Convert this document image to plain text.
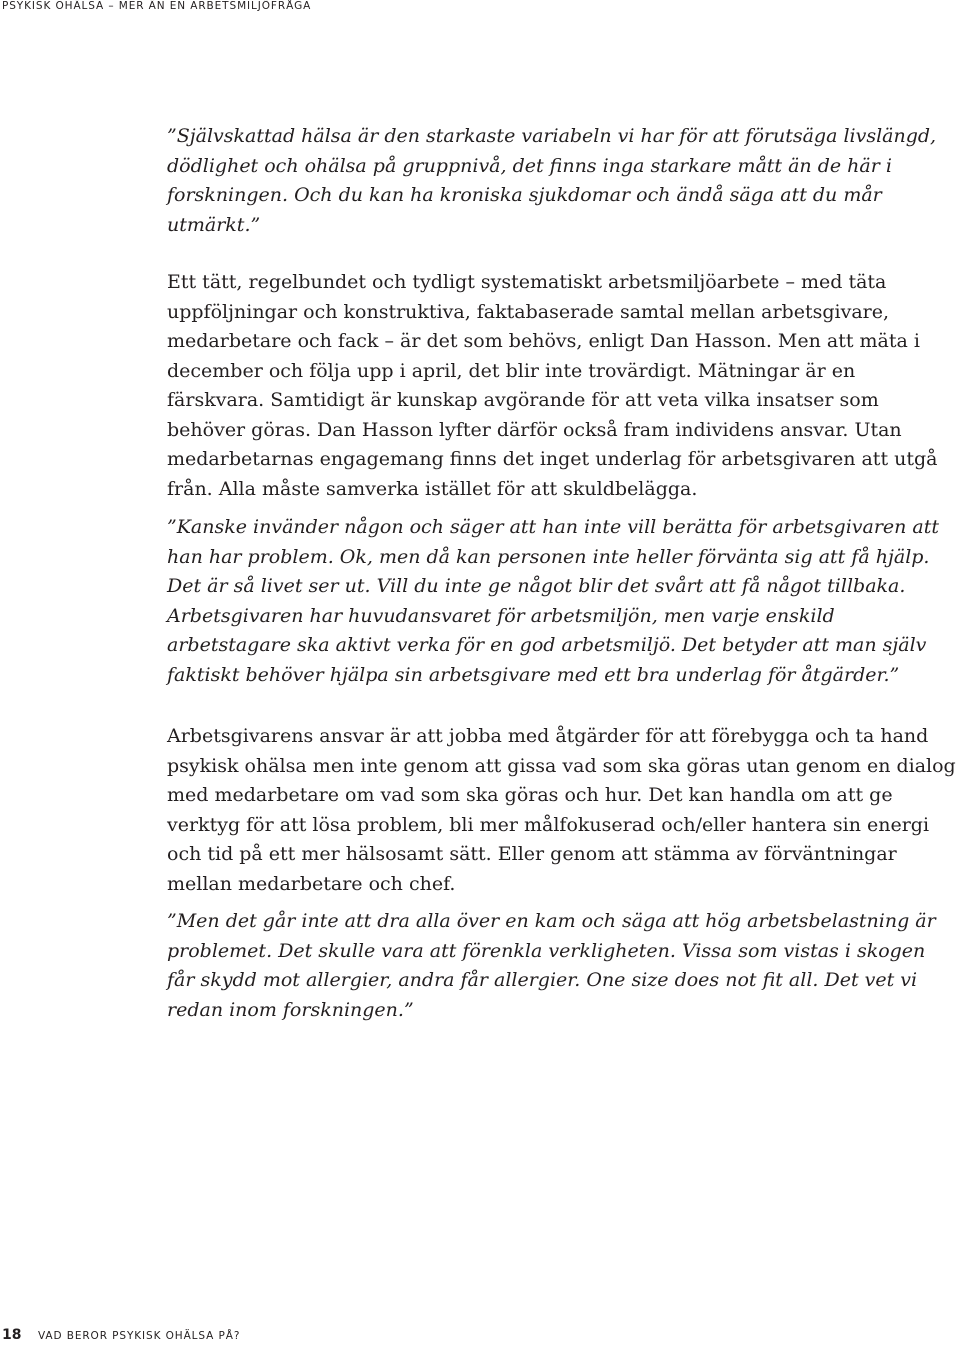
PSYKISK OHÄLSA – MER ÄN EN ARBETSMILJÖFRÅGA

”Självskattad hälsa är den starkaste variabeln vi har för att förutsäga livslängd, dödlighet och ohälsa på gruppnivå, det finns inga starkare mått än de här i forskningen. Och du kan ha kroniska sjukdomar och ändå säga att du mår utmärkt.”

Ett tätt, regelbundet och tydligt systematiskt arbetsmiljöarbete – med täta uppföljningar och konstruktiva, faktabaserade samtal mellan arbetsgivare, medarbetare och fack – är det som behövs, enligt Dan Hasson. Men att mäta i december och följa upp i april, det blir inte trovärdigt. Mätningar är en färskvara. Samtidigt är kunskap avgörande för att veta vilka insatser som behöver göras. Dan Hasson lyfter därför också fram individens ansvar. Utan medarbetarnas engagemang finns det inget underlag för arbetsgivaren att utgå från. Alla måste samverka istället för att skuldbelägga.

”Kanske invänder någon och säger att han inte vill berätta för arbetsgivaren att han har problem. Ok, men då kan personen inte heller förvänta sig att få hjälp. Det är så livet ser ut. Vill du inte ge något blir det svårt att få något tillbaka. Arbetsgivaren har huvudansvaret för arbetsmiljön, men varje enskild arbetstagare ska aktivt verka för en god arbetsmiljö. Det betyder att man själv faktiskt behöver hjälpa sin arbetsgivare med ett bra underlag för åtgärder.”

Arbetsgivarens ansvar är att jobba med åtgärder för att förebygga och ta hand psykisk ohälsa men inte genom att gissa vad som ska göras utan genom en dialog med medarbetare om vad som ska göras och hur. Det kan handla om att ge verktyg för att lösa problem, bli mer målfokuserad och/eller hantera sin energi och tid på ett mer hälsosamt sätt. Eller genom att stämma av förväntningar mellan medarbetare och chef.

”Men det går inte att dra alla över en kam och säga att hög arbetsbelastning är problemet. Det skulle vara att förenkla verkligheten. Vissa som vistas i skogen får skydd mot allergier, andra får allergier. One size does not fit all. Det vet vi redan inom forskningen.”

18	VAD BEROR PSYKISK OHÄLSA PÅ?
